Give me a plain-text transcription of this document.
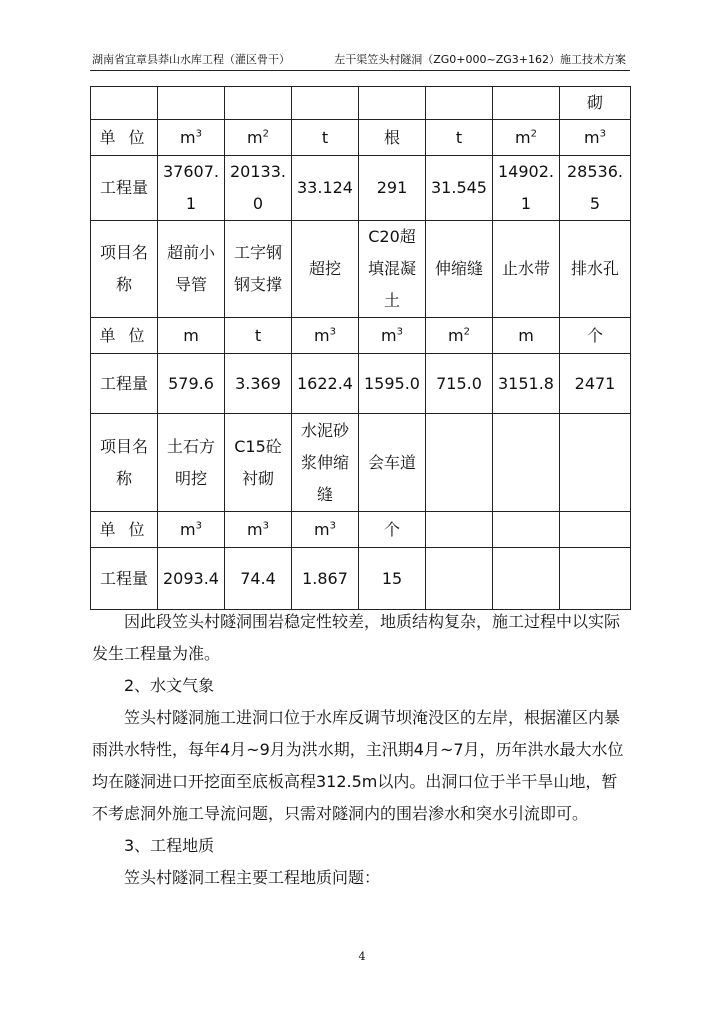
湖南省宜章县莽山水库工程（灌区骨干）	左干渠笠头村隧洞（ZG0+000~ZG3+162）施工技术方案
							砌
单 位	$m^3$	$m^2$	t	根	t	$m^2$	$m^3$
工程量	37607.1	20133.0	33.124	291	31.545	14902.1	28536.5
项目名称	超前小导管	工字钢钢支撑	超挖	C20超填混凝土	伸缩缝	止水带	排水孔
单 位	m	t	$m^3$	$m^3$	$m^2$	m	个
工程量	579.6	3.369	1622.4	1595.0	715.0	3151.8	2471
项目名称	土石方明挖	C15砼衬砌	水泥砂浆伸缩缝	会车道			
单 位	$m^3$	$m^3$	$m^3$	个			
工程量	2093.4	74.4	1.867	15			

因此段笠头村隧洞围岩稳定性较差，地质结构复杂，施工过程中以实际发生工程量为准。

2、水文气象

笠头村隧洞施工进洞口位于水库反调节坝淹没区的左岸，根据灌区内暴雨洪水特性，每年4月~9月为洪水期，主汛期4月~7月，历年洪水最大水位均在隧洞进口开挖面至底板高程312.5m以内。出洞口位于半干旱山地，暂不考虑洞外施工导流问题，只需对隧洞内的围岩渗水和突水引流即可。

3、工程地质

笠头村隧洞工程主要工程地质问题：

4
